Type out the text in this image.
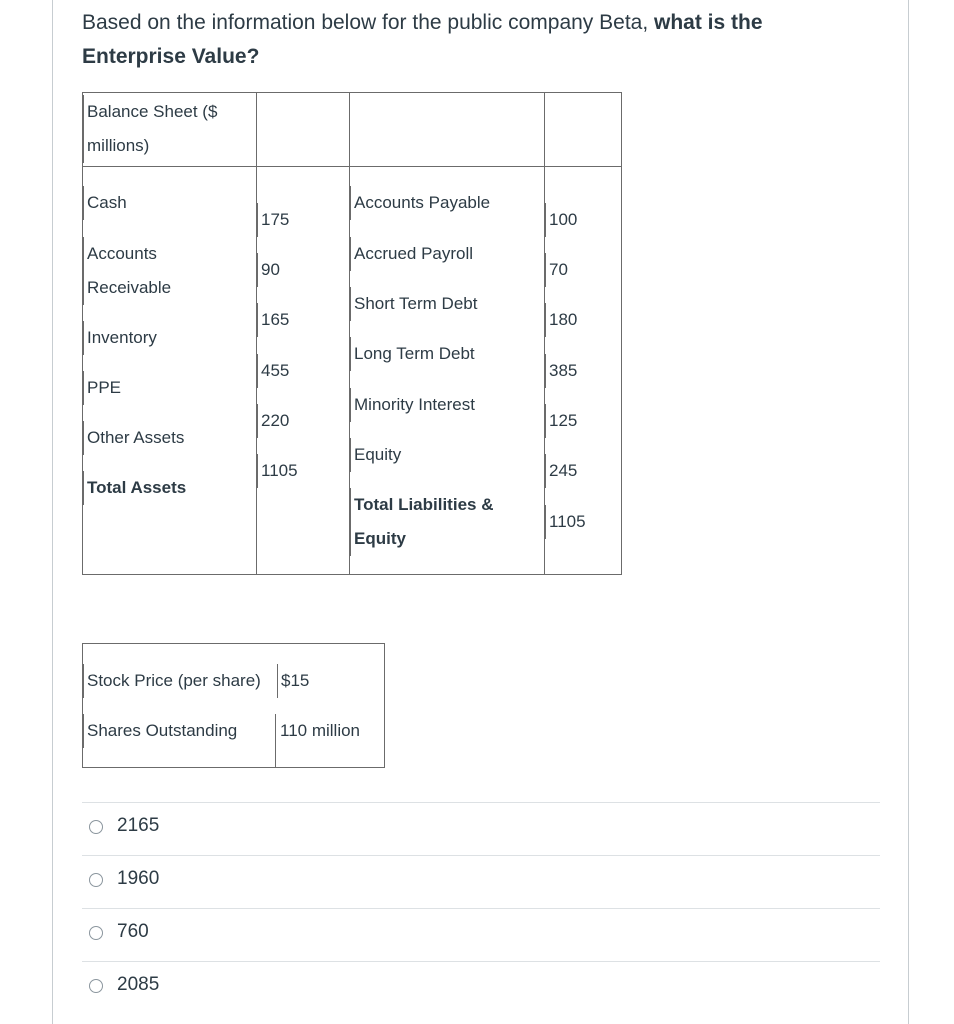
Based on the information below for the public company Beta, what is the Enterprise Value?
Balance Sheet ($
millions)
Cash
Accounts
Receivable
Inventory
PPE
Other Assets
Total Assets
175
90
165
455
220
1105
Accounts Payable
Accrued Payroll
Short Term Debt
Long Term Debt
Minority Interest
Equity
Total Liabilities &
Equity
100
70
180
385
125
245
1105
Stock Price (per share) $15
Shares Outstanding	110 million
2165
1960
760
2085
